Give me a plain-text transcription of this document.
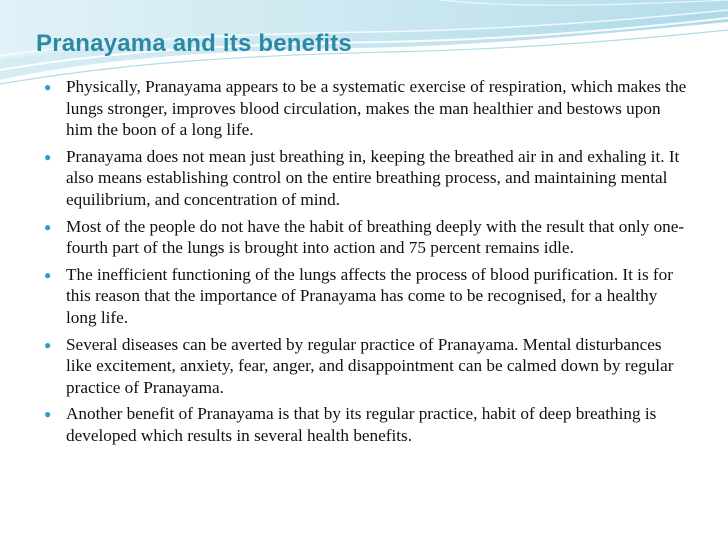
Pranayama and its benefits
● Physically, Pranayama appears to be a systematic exercise of respiration, which makes the lungs stronger, improves blood circulation, makes the man healthier and bestows upon him the boon of a long life.
● Pranayama does not mean just breathing in, keeping the breathed air in and exhaling it. It also means establishing control on the entire breathing process, and maintaining mental equilibrium, and concentration of mind.
● Most of the people do not have the habit of breathing deeply with the result that only one-fourth part of the lungs is brought into action and 75 percent remains idle.
● The inefficient functioning of the lungs affects the process of blood purification. It is for this reason that the importance of Pranayama has come to be recognised, for a healthy long life.
● Several diseases can be averted by regular practice of Pranayama. Mental disturbances like excitement, anxiety, fear, anger, and disappointment can be calmed down by regular practice of Pranayama.
● Another benefit of Pranayama is that by its regular practice, habit of deep breathing is developed which results in several health benefits.
